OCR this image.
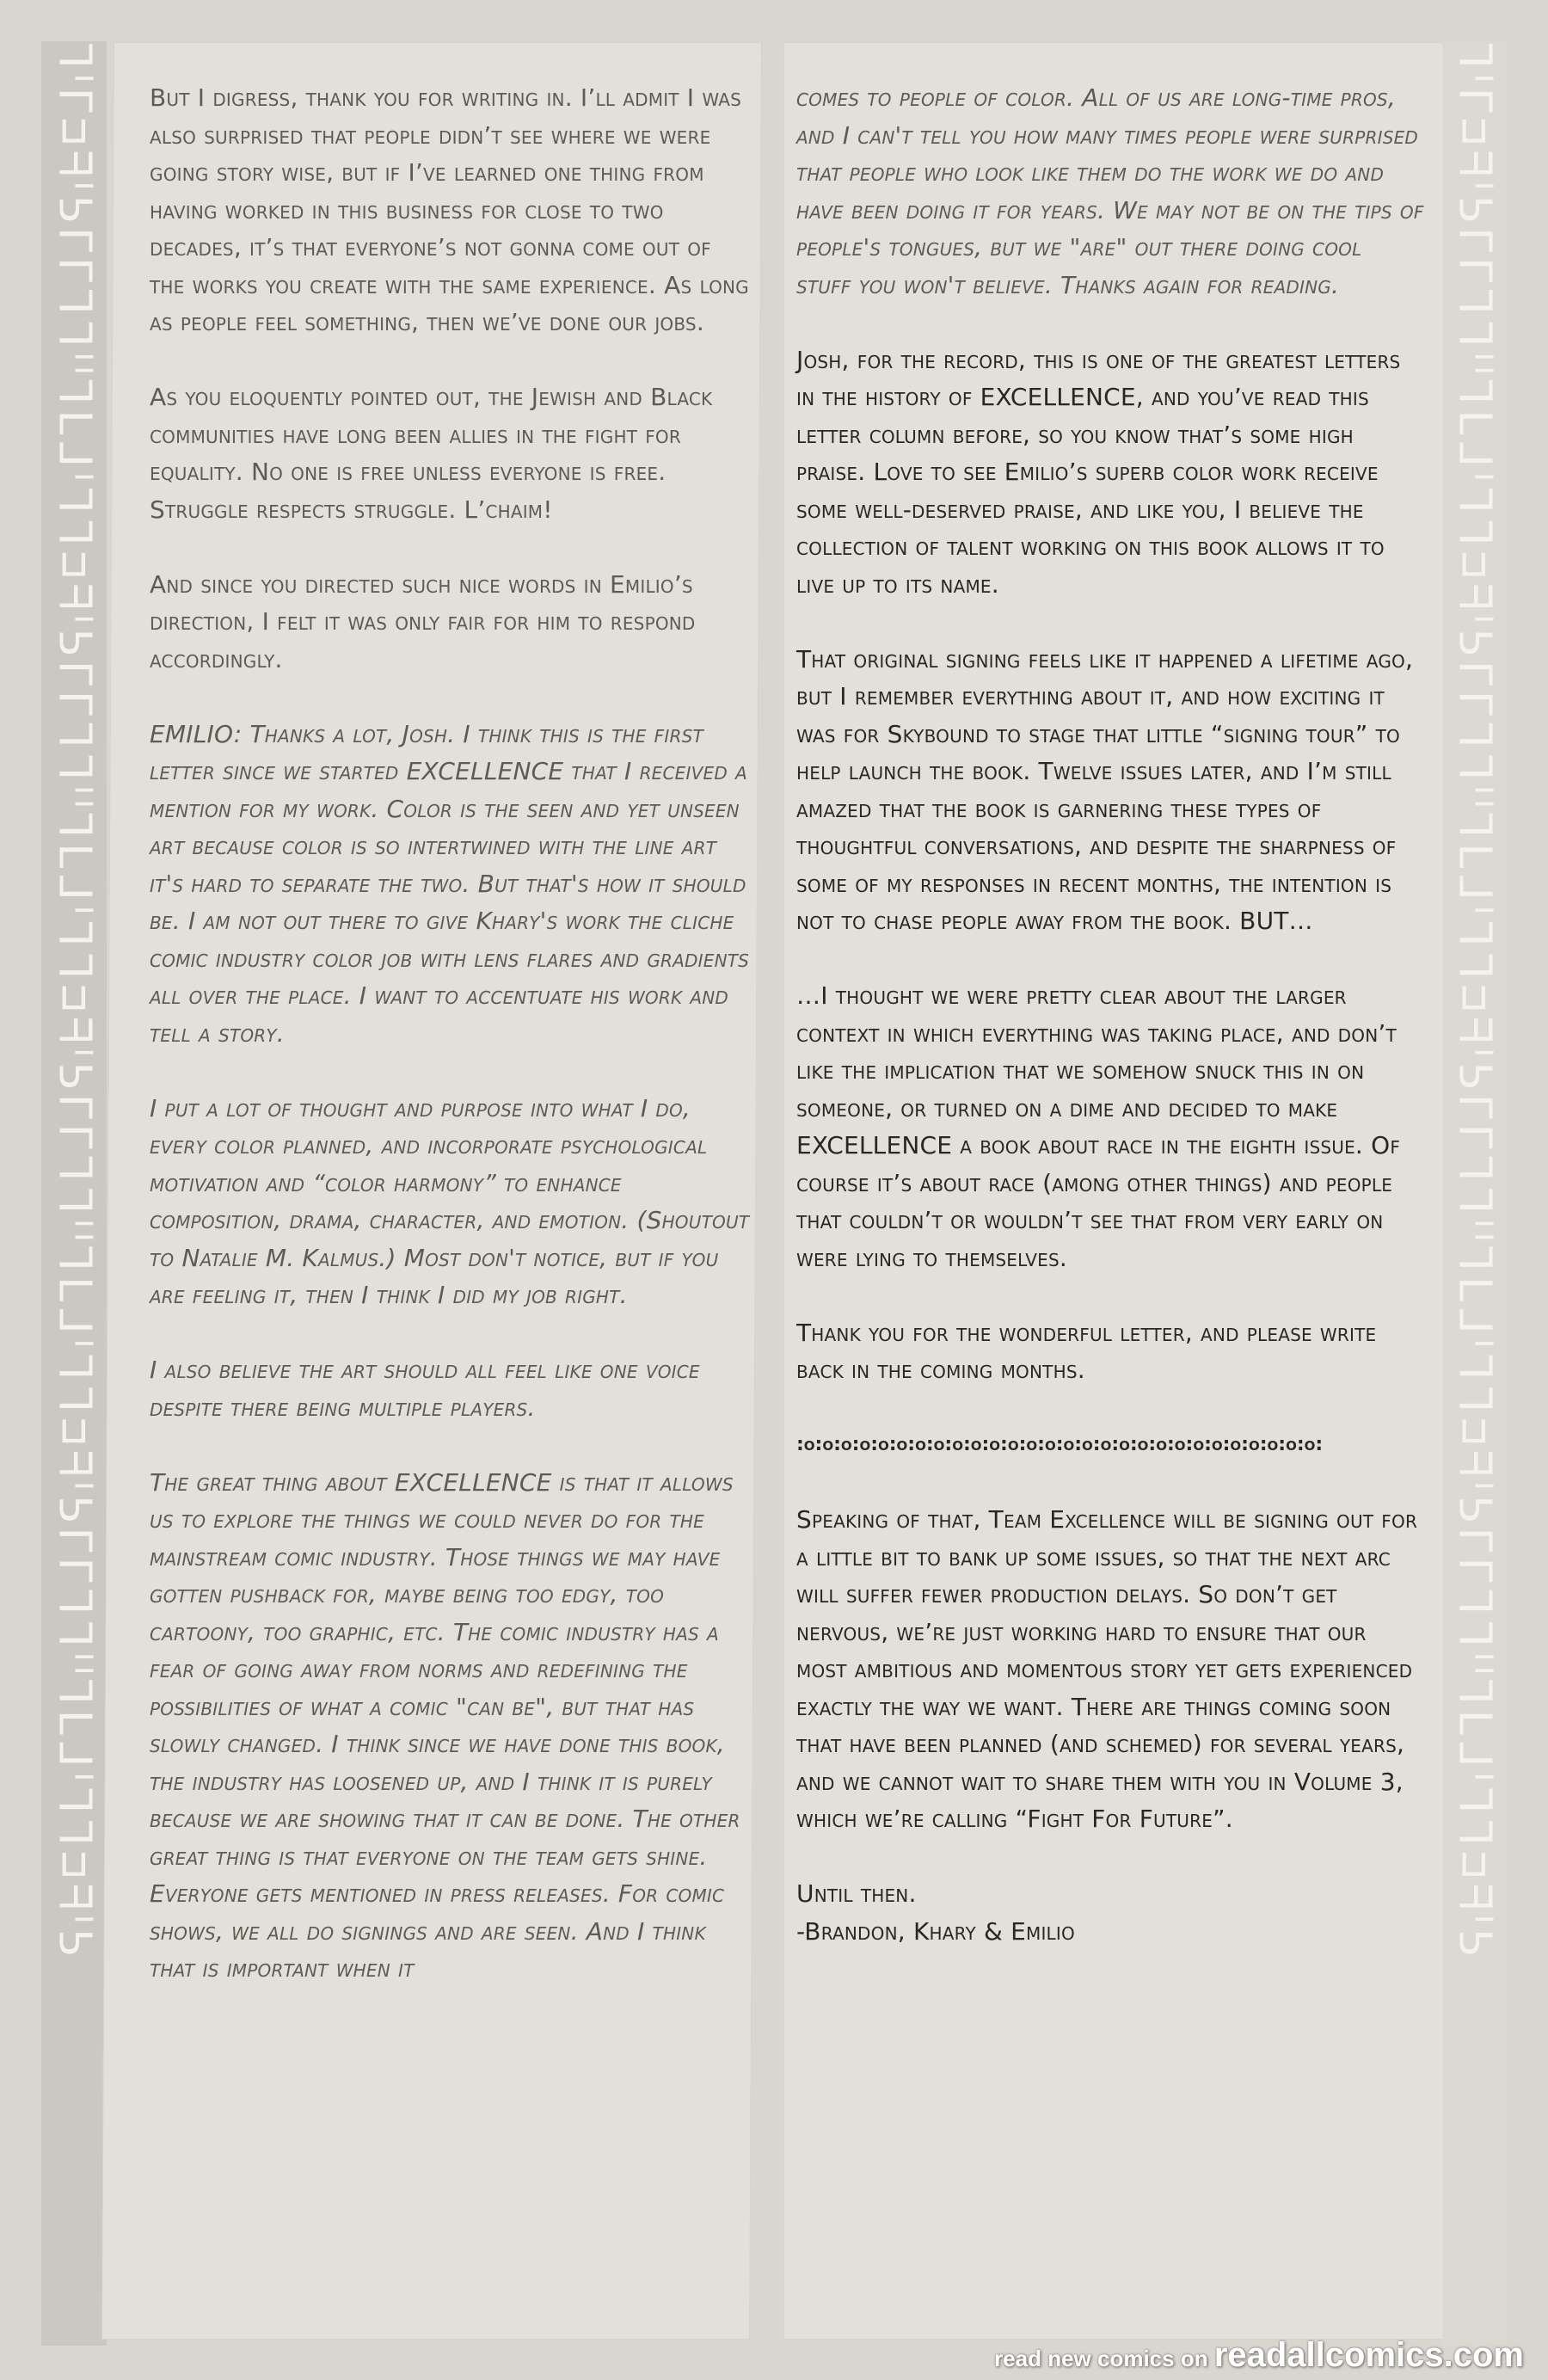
ᒣᑊᒥ⊐ᖷᑊᕊᒥᒥᒣᒣᑊᑊ⅂ᒪᒧᑊᒣᒣ⊐ᖷᑊᕊᒥᒥᒣᒣᑊᑊ⅂ᒪᒧᑊᒣᒣ⊐ᖷᑊᕊᒥᒥᒣᒣᑊᑊ⅂ᒪᒧᑊᒣᒣ⊐ᖷᑊᕊᒥᒥᒣᒣᑊᑊ⅂ᒪᒧᑊᒣᒣ⊐ᖷᑊᕊ	ᒣᑊᒥ⊐ᖷᑊᕊᒥᒥᒣᒣᑊᑊ⅂ᒪᒧᑊᒣᒣ⊐ᖷᑊᕊᒥᒥᒣᒣᑊᑊ⅂ᒪᒧᑊᒣᒣ⊐ᖷᑊᕊᒥᒥᒣᒣᑊᑊ⅂ᒪᒧᑊᒣᒣ⊐ᖷᑊᕊᒥᒥᒣᒣᑊᑊ⅂ᒪᒧᑊᒣᒣ⊐ᖷᑊᕊ

But I digress, thank you for writing in. I’ll admit I was also surprised that people didn’t see where we were going story wise, but if I’ve learned one thing from having worked in this business for close to two decades, it’s that everyone’s not gonna come out of the works you create with the same experience. As long as people feel something, then we’ve done our jobs.

As you eloquently pointed out, the Jewish and Black communities have long been allies in the fight for equality. No one is free unless everyone is free. Struggle respects struggle. L’chaim!

And since you directed such nice words in Emilio’s direction, I felt it was only fair for him to respond accordingly.

EMILIO: Thanks a lot, Josh. I think this is the first letter since we started EXCELLENCE that I received a mention for my work. Color is the seen and yet unseen art because color is so intertwined with the line art it's hard to separate the two. But that's how it should be. I am not out there to give Khary's work the cliche comic industry color job with lens flares and gradients all over the place. I want to accentuate his work and tell a story.

I put a lot of thought and purpose into what I do, every color planned, and incorporate psychological motivation and “color harmony” to enhance composition, drama, character, and emotion. (Shoutout to Natalie M. Kalmus.) Most don't notice, but if you are feeling it, then I think I did my job right.

I also believe the art should all feel like one voice despite there being multiple players.

The great thing about EXCELLENCE is that it allows us to explore the things we could never do for the mainstream comic industry. Those things we may have gotten pushback for, maybe being too edgy, too cartoony, too graphic, etc. The comic industry has a fear of going away from norms and redefining the possibilities of what a comic "can be", but that has slowly changed. I think since we have done this book, the industry has loosened up, and I think it is purely because we are showing that it can be done. The other great thing is that everyone on the team gets shine. Everyone gets mentioned in press releases. For comic shows, we all do signings and are seen. And I think that is important when it

comes to people of color. All of us are long-time pros, and I can't tell you how many times people were surprised that people who look like them do the work we do and have been doing it for years. We may not be on the tips of people's tongues, but we "are" out there doing cool stuff you won't believe. Thanks again for reading.

Josh, for the record, this is one of the greatest letters in the history of EXCELLENCE, and you’ve read this letter column before, so you know that’s some high praise. Love to see Emilio’s superb color work receive some well-deserved praise, and like you, I believe the collection of talent working on this book allows it to live up to its name.

That original signing feels like it happened a lifetime ago, but I remember everything about it, and how exciting it was for Skybound to stage that little “signing tour” to help launch the book. Twelve issues later, and I’m still amazed that the book is garnering these types of thoughtful conversations, and despite the sharpness of some of my responses in recent months, the intention is not to chase people away from the book. BUT…

…I thought we were pretty clear about the larger context in which everything was taking place, and don’t like the implication that we somehow snuck this in on someone, or turned on a dime and decided to make EXCELLENCE a book about race in the eighth issue. Of course it’s about race (among other things) and people that couldn’t or wouldn’t see that from very early on were lying to themselves.

Thank you for the wonderful letter, and please write back in the coming months.

:o:o:o:o:o:o:o:o:o:o:o:o:o:o:o:o:o:o:o:o:o:o:o:o:o:o:o:o:

Speaking of that, Team Excellence will be signing out for a little bit to bank up some issues, so that the next arc will suffer fewer production delays. So don’t get nervous, we’re just working hard to ensure that our most ambitious and momentous story yet gets experienced exactly the way we want. There are things coming soon that have been planned (and schemed) for several years, and we cannot wait to share them with you in Volume 3, which we’re calling “Fight For Future”.

Until then.
-Brandon, Khary & Emilio
read new comics on readallcomics.com
